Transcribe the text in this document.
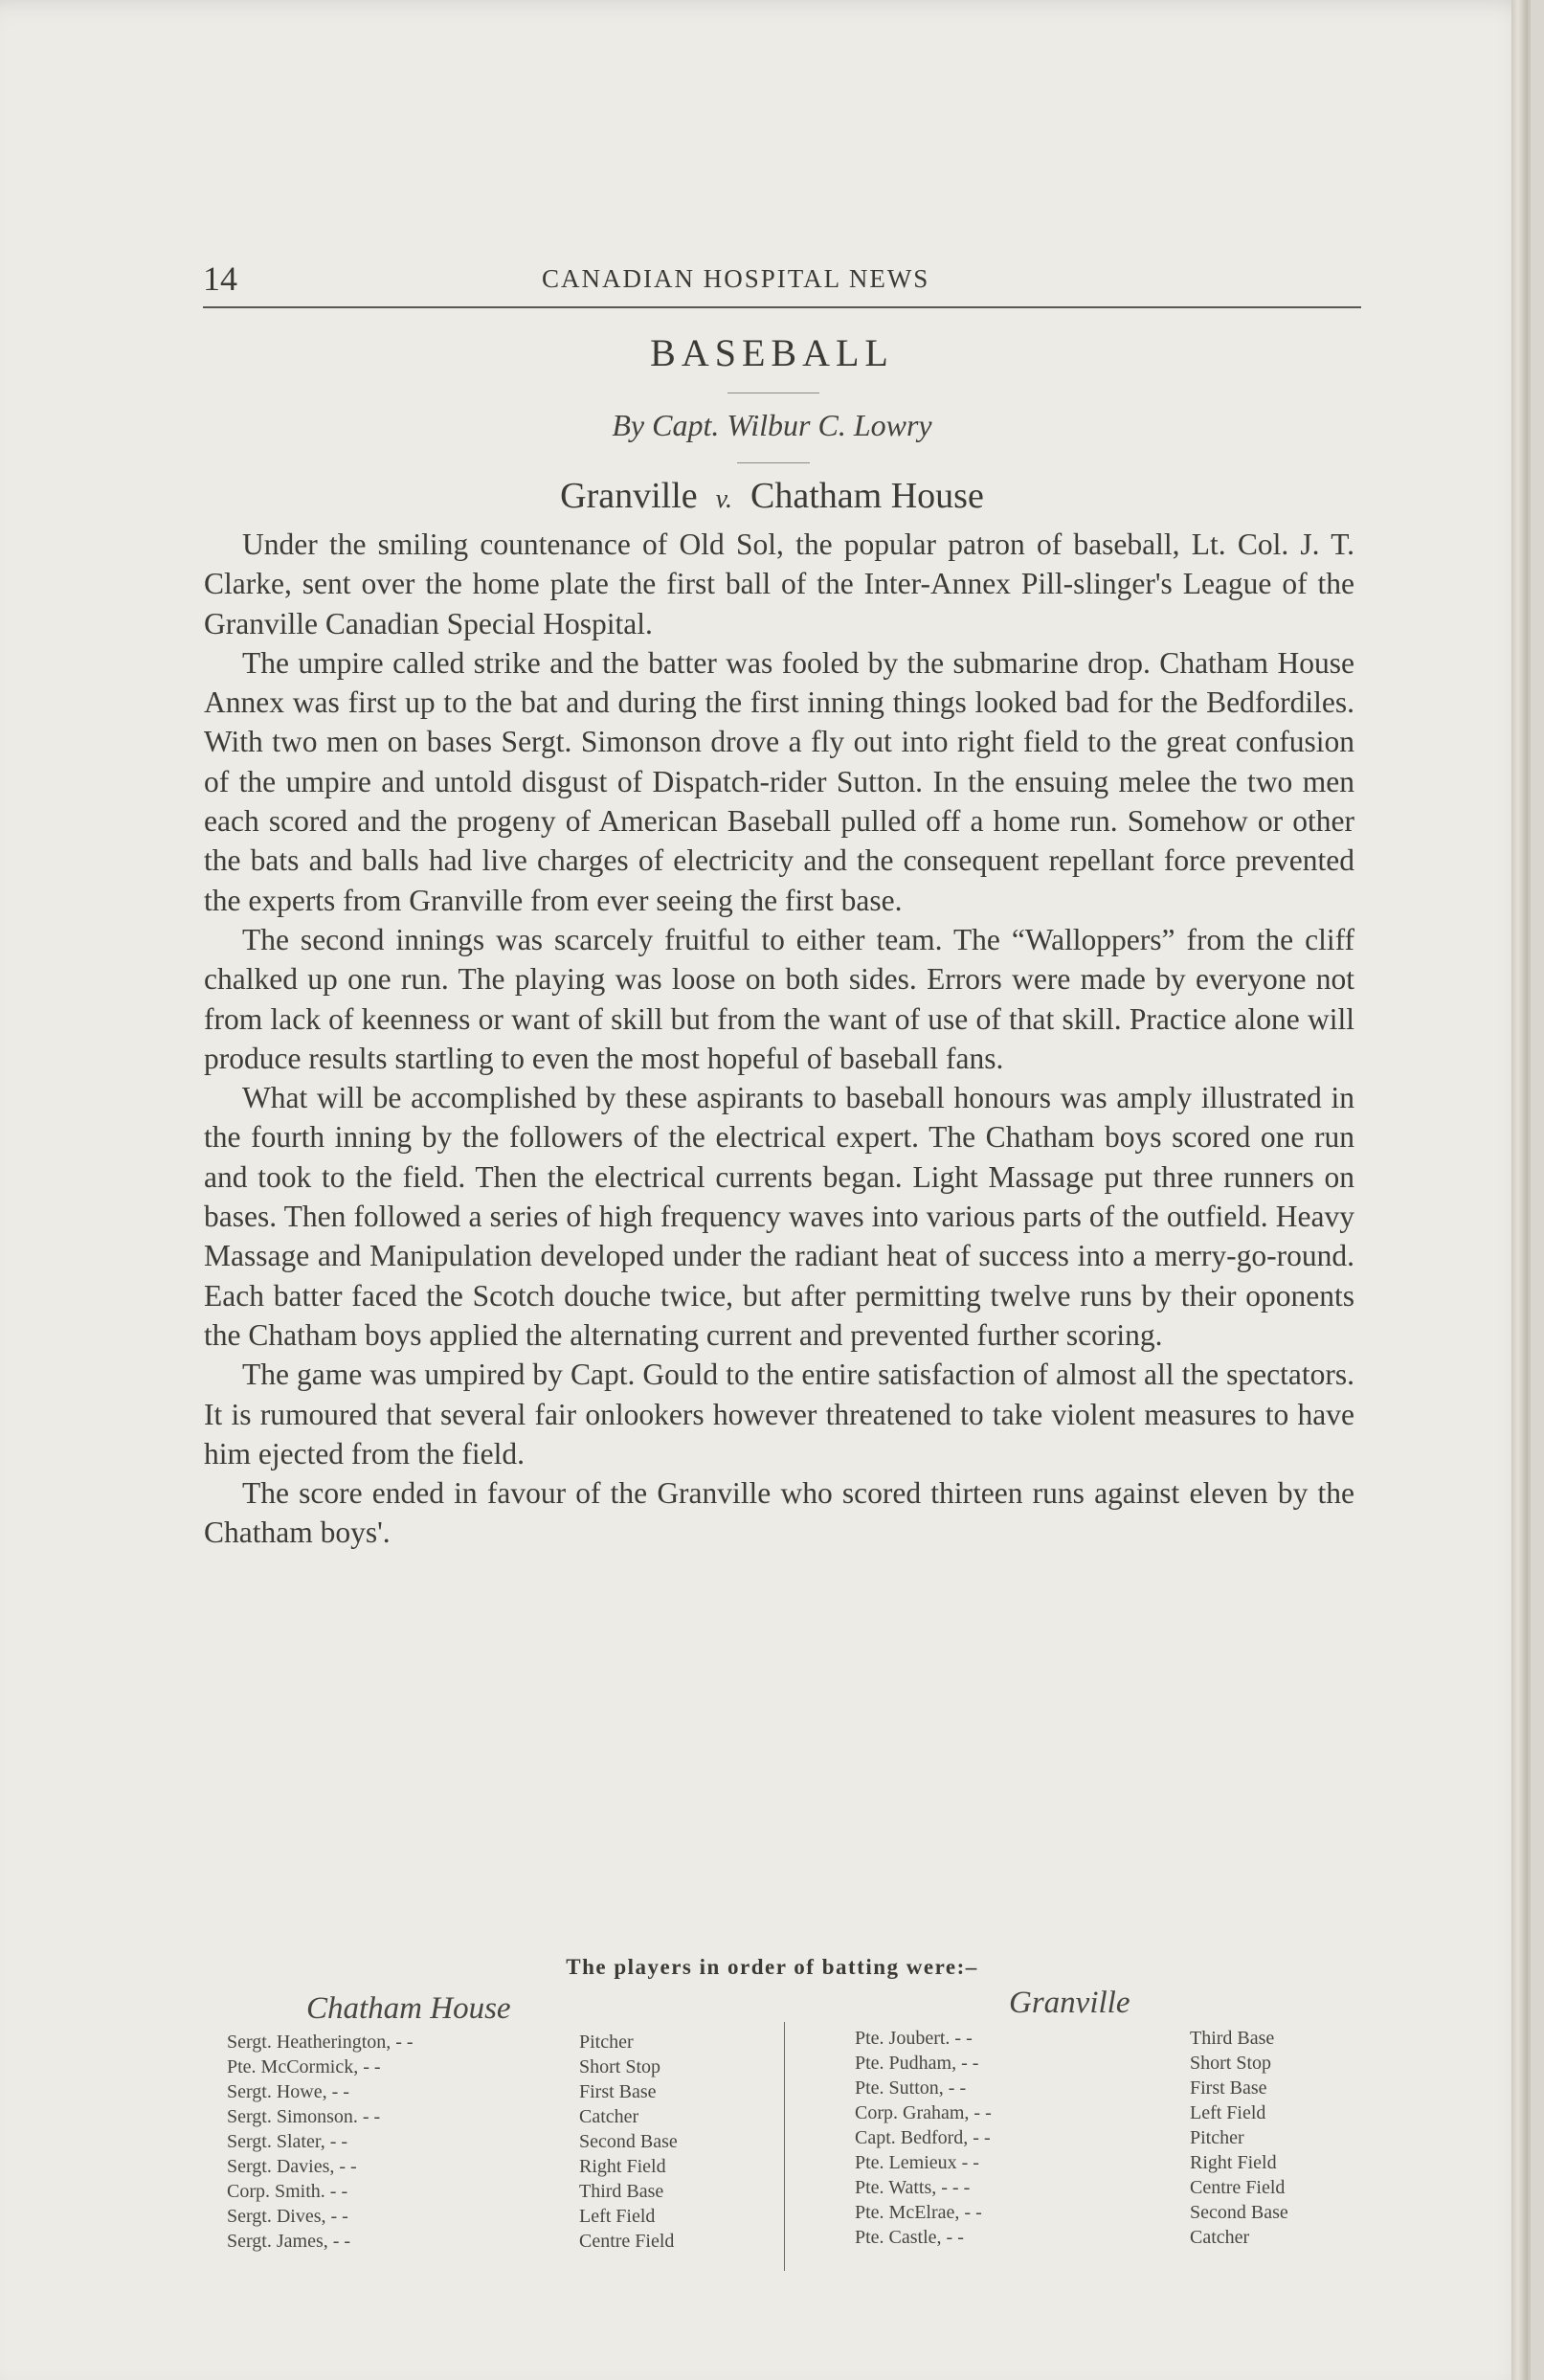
14	CANADIAN HOSPITAL NEWS
BASEBALL
By Capt. Wilbur C. Lowry
Granville v. Chatham House

Under the smiling countenance of Old Sol, the popular patron of baseball, Lt. Col. J. T. Clarke, sent over the home plate the first ball of the Inter-Annex Pill-slinger's League of the Granville Canadian Special Hospital.

The umpire called strike and the batter was fooled by the submarine drop. Chatham House Annex was first up to the bat and during the first inning things looked bad for the Bedfordiles. With two men on bases Sergt. Simonson drove a fly out into right field to the great confusion of the umpire and untold disgust of Dispatch-rider Sutton. In the ensuing melee the two men each scored and the progeny of American Baseball pulled off a home run. Somehow or other the bats and balls had live charges of electricity and the consequent repellant force prevented the experts from Granville from ever seeing the first base.

The second innings was scarcely fruitful to either team. The “Walloppers” from the cliff chalked up one run. The playing was loose on both sides. Errors were made by everyone not from lack of keenness or want of skill but from the want of use of that skill. Practice alone will produce results startling to even the most hopeful of baseball fans.

What will be accomplished by these aspirants to baseball honours was amply illustrated in the fourth inning by the followers of the electrical expert. The Chatham boys scored one run and took to the field. Then the electrical currents began. Light Massage put three runners on bases. Then followed a series of high frequency waves into various parts of the outfield. Heavy Massage and Manipulation developed under the radiant heat of success into a merry-go-round. Each batter faced the Scotch douche twice, but after permitting twelve runs by their oponents the Chatham boys applied the alternating current and prevented further scoring.

The game was umpired by Capt. Gould to the entire satisfaction of almost all the spectators. It is rumoured that several fair onlookers however threatened to take violent measures to have him ejected from the field.

The score ended in favour of the Granville who scored thirteen runs against eleven by the Chatham boys'.

The players in order of batting were:–
Chatham House	Granville
Sergt. Heatherington, - -	Pitcher
Pte. McCormick, - -	Short Stop
Sergt. Howe, - -	First Base
Sergt. Simonson. - -	Catcher
Sergt. Slater, - -	Second Base
Sergt. Davies, - -	Right Field
Corp. Smith. - -	Third Base
Sergt. Dives, - -	Left Field
Sergt. James, - -	Centre Field
Pte. Joubert. - -	Third Base
Pte. Pudham, - -	Short Stop
Pte. Sutton, - -	First Base
Corp. Graham, - -	Left Field
Capt. Bedford, - -	Pitcher
Pte. Lemieux - -	Right Field
Pte. Watts, - - -	Centre Field
Pte. McElrae, - -	Second Base
Pte. Castle, - -	Catcher
